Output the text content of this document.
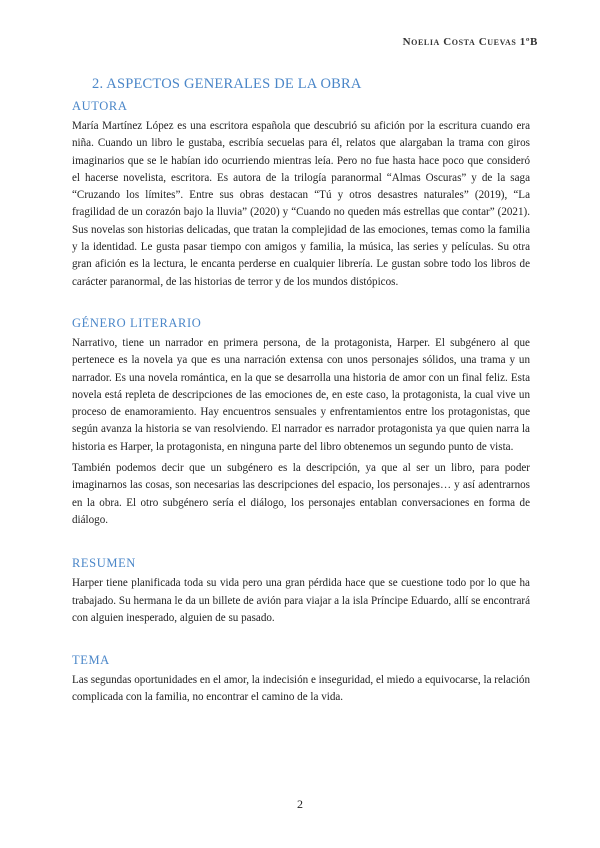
Noelia Costa Cuevas 1ºB
2. ASPECTOS GENERALES DE LA OBRA
AUTORA

María Martínez López es una escritora española que descubrió su afición por la escritura cuando era niña. Cuando un libro le gustaba, escribía secuelas para él, relatos que alargaban la trama con giros imaginarios que se le habían ido ocurriendo mientras leía. Pero no fue hasta hace poco que consideró el hacerse novelista, escritora. Es autora de la trilogía paranormal “Almas Oscuras” y de la saga “Cruzando los límites”. Entre sus obras destacan “Tú y otros desastres naturales” (2019), “La fragilidad de un corazón bajo la lluvia” (2020) y “Cuando no queden más estrellas que contar” (2021). Sus novelas son historias delicadas, que tratan la complejidad de las emociones, temas como la familia y la identidad. Le gusta pasar tiempo con amigos y familia, la música, las series y películas. Su otra gran afición es la lectura, le encanta perderse en cualquier librería. Le gustan sobre todo los libros de carácter paranormal, de las historias de terror y de los mundos distópicos.

GÉNERO LITERARIO

Narrativo, tiene un narrador en primera persona, de la protagonista, Harper. El subgénero al que pertenece es la novela ya que es una narración extensa con unos personajes sólidos, una trama y un narrador. Es una novela romántica, en la que se desarrolla una historia de amor con un final feliz. Esta novela está repleta de descripciones de las emociones de, en este caso, la protagonista, la cual vive un proceso de enamoramiento. Hay encuentros sensuales y enfrentamientos entre los protagonistas, que según avanza la historia se van resolviendo. El narrador es narrador protagonista ya que quien narra la historia es Harper, la protagonista, en ninguna parte del libro obtenemos un segundo punto de vista.

También podemos decir que un subgénero es la descripción, ya que al ser un libro, para poder imaginarnos las cosas, son necesarias las descripciones del espacio, los personajes… y así adentrarnos en la obra. El otro subgénero sería el diálogo, los personajes entablan conversaciones en forma de diálogo.

RESUMEN

Harper tiene planificada toda su vida pero una gran pérdida hace que se cuestione todo por lo que ha trabajado. Su hermana le da un billete de avión para viajar a la isla Príncipe Eduardo, allí se encontrará con alguien inesperado, alguien de su pasado.

TEMA

Las segundas oportunidades en el amor, la indecisión e inseguridad, el miedo a equivocarse, la relación complicada con la familia, no encontrar el camino de la vida.

2
